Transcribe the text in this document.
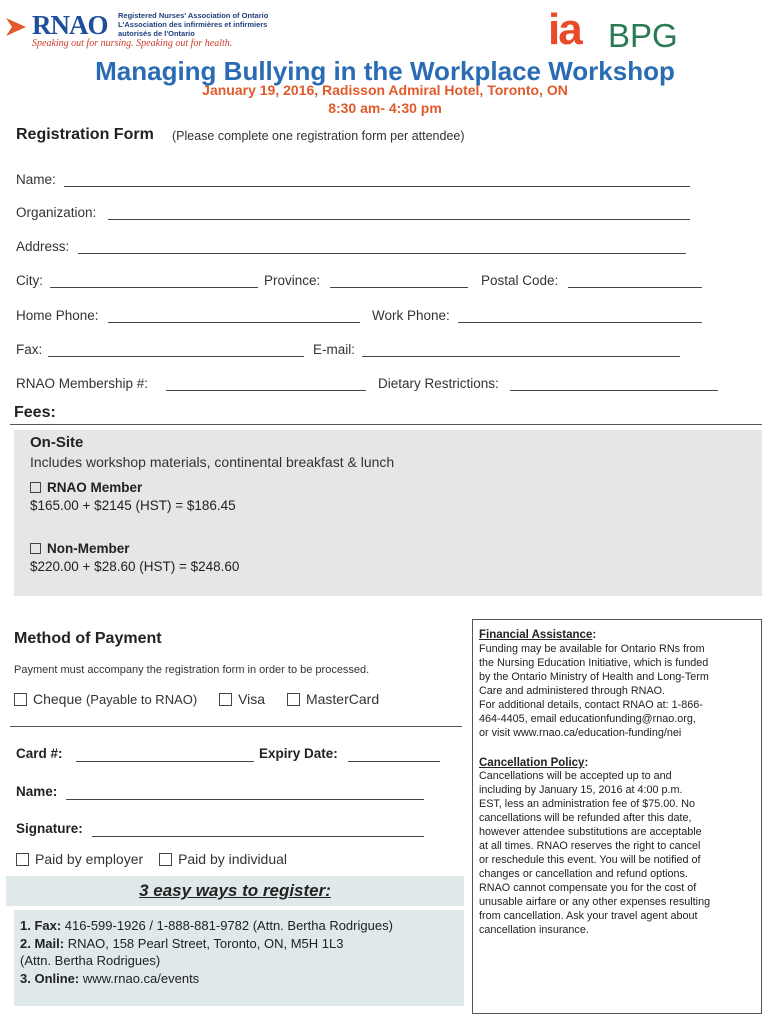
RNAO Registered Nurses' Association of Ontario
L'Association des infirmières et infirmiers
autorisés de l'Ontario
Speaking out for nursing. Speaking out for health.	ia BPG
Managing Bullying in the Workplace Workshop
January 19, 2016, Radisson Admiral Hotel, Toronto, ON
8:30 am- 4:30 pm
Registration Form (Please complete one registration form per attendee)
Name:
Organization:
Address:
City:	Province:	Postal Code:
Home Phone:	Work Phone:
Fax:	E-mail:
RNAO Membership #:	Dietary Restrictions:
Fees:
On-Site
Includes workshop materials, continental breakfast & lunch
RNAO Member
$165.00 + $2145 (HST) = $186.45
Non-Member
$220.00 + $28.60 (HST) = $248.60
Method of Payment
Payment must accompany the registration form in order to be processed.
Cheque (Payable to RNAO)	Visa	MasterCard
Card #:	Expiry Date:
Name:
Signature:
Paid by employer Paid by individual
3 easy ways to register:
1. Fax: 416-599-1926 / 1-888-881-9782 (Attn. Bertha Rodrigues)
2. Mail: RNAO, 158 Pearl Street, Toronto, ON, M5H 1L3
(Attn. Bertha Rodrigues)
3. Online: www.rnao.ca/events
Financial Assistance:
Funding may be available for Ontario RNs from
the Nursing Education Initiative, which is funded
by the Ontario Ministry of Health and Long-Term
Care and administered through RNAO.
For additional details, contact RNAO at: 1-866-
464-4405, email educationfunding@rnao.org,
or visit www.rnao.ca/education-funding/nei
Cancellation Policy:
Cancellations will be accepted up to and
including by January 15, 2016 at 4:00 p.m.
EST, less an administration fee of $75.00. No
cancellations will be refunded after this date,
however attendee substitutions are acceptable
at all times. RNAO reserves the right to cancel
or reschedule this event. You will be notified of
changes or cancellation and refund options.
RNAO cannot compensate you for the cost of
unusable airfare or any other expenses resulting
from cancellation. Ask your travel agent about
cancellation insurance.
